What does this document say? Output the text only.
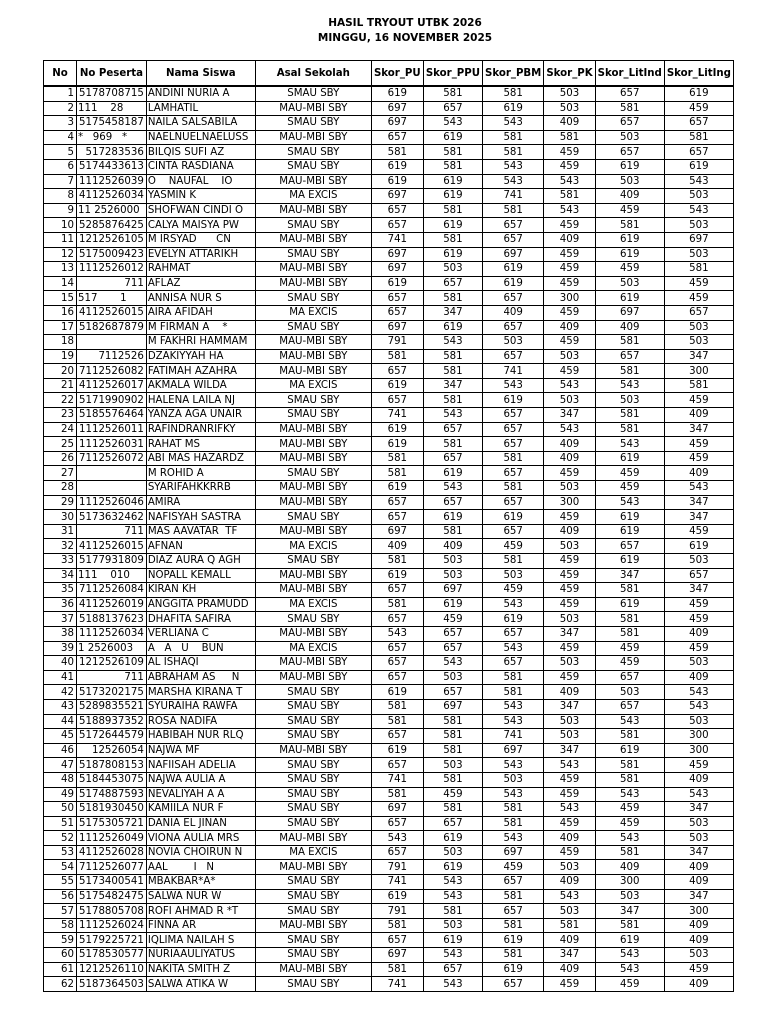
HASIL TRYOUT UTBK 2026
MINGGU, 16 NOVEMBER 2025
No	No Peserta	Nama Siswa	Asal Sekolah	Skor_PU	Skor_PPU	Skor_PBM	Skor_PK	Skor_LitInd	Skor_LitIng
1	5178708715	ANDINI NURIA A	SMAU SBY	619	581	581	503	657	619
2	111    28	LAMHATIL	MAU-MBI SBY	697	657	619	503	581	459
3	5175458187	NAILA SALSABILA	SMAU SBY	697	543	543	409	657	657
4	*   969   *	NAELNUELNAELUSS	MAU-MBI SBY	657	619	581	581	503	581
5	517283536	BILQIS SUFI AZ	SMAU SBY	581	581	581	459	657	657
6	5174433613	CINTA RASDIANA	SMAU SBY	619	581	543	459	619	619
7	1112526039	O    NAUFAL    IO	MAU-MBI SBY	619	619	543	543	503	543
8	4112526034	YASMIN K	MA EXCIS	697	619	741	581	409	503
9	11 2526000	SHOFWAN CINDI O	MAU-MBI SBY	657	581	581	543	459	543
10	5285876425	CALYA MAISYA PW	SMAU SBY	657	619	657	459	581	503
11	1212526105	M IRSYAD      CN	MAU-MBI SBY	741	581	657	409	619	697
12	5175009423	EVELYN ATTARIKH	SMAU SBY	697	619	697	459	619	503
13	1112526012	RAHMAT	MAU-MBI SBY	697	503	619	459	459	581
14	711	AFLAZ	MAU-MBI SBY	619	657	619	459	503	459
15	517       1	ANNISA NUR S	SMAU SBY	657	581	657	300	619	459
16	4112526015	AIRA AFIDAH	MA EXCIS	657	347	409	459	697	657
17	5182687879	M FIRMAN A    *	SMAU SBY	697	619	657	409	409	503
18		M FAKHRI HAMMAM	MAU-MBI SBY	791	543	503	459	581	503
19	7112526	DZAKIYYAH HA	MAU-MBI SBY	581	581	657	503	657	347
20	7112526082	FATIMAH AZAHRA	MAU-MBI SBY	657	581	741	459	581	300
21	4112526017	AKMALA WILDA	MA EXCIS	619	347	543	543	543	581
22	5171990902	HALENA LAILA NJ	SMAU SBY	657	581	619	503	503	459
23	5185576464	YANZA AGA UNAIR	SMAU SBY	741	543	657	347	581	409
24	1112526011	RAFINDRANRIFKY	MAU-MBI SBY	619	657	657	543	581	347
25	1112526031	RAHAT MS	MAU-MBI SBY	619	581	657	409	543	459
26	7112526072	ABI MAS HAZARDZ	MAU-MBI SBY	581	657	581	409	619	459
27		M ROHID A	SMAU SBY	581	619	657	459	459	409
28		SYARIFAHKKRRB	MAU-MBI SBY	619	543	581	503	459	543
29	1112526046	AMIRA	MAU-MBI SBY	657	657	657	300	543	347
30	5173632462	NAFISYAH SASTRA	SMAU SBY	657	619	619	459	619	347
31	711	MAS AAVATAR  TF	MAU-MBI SBY	697	581	657	409	619	459
32	4112526015	AFNAN	MA EXCIS	409	409	459	503	657	619
33	5177931809	DIAZ AURA Q AGH	SMAU SBY	581	503	581	459	619	503
34	111    010	NOPALL KEMALL	MAU-MBI SBY	619	503	503	459	347	657
35	7112526084	KIRAN KH	MAU-MBI SBY	657	697	459	459	581	347
36	4112526019	ANGGITA PRAMUDD	MA EXCIS	581	619	543	459	619	459
37	5188137623	DHAFITA SAFIRA	SMAU SBY	657	459	619	503	581	459
38	1112526034	VERLIANA C	MAU-MBI SBY	543	657	657	347	581	409
39	1 2526003	A   A   U    BUN	MA EXCIS	657	657	543	459	459	459
40	1212526109	AL ISHAQI	MAU-MBI SBY	657	543	657	503	459	503
41	711	ABRAHAM AS     N	MAU-MBI SBY	657	503	581	459	657	409
42	5173202175	MARSHA KIRANA T	SMAU SBY	619	657	581	409	503	543
43	5289835521	SYURAIHA RAWFA	SMAU SBY	581	697	543	347	657	543
44	5188937352	ROSA NADIFA	SMAU SBY	581	581	543	503	543	503
45	5172644579	HABIBAH NUR RLQ	SMAU SBY	657	581	741	503	581	300
46	12526054	NAJWA MF	MAU-MBI SBY	619	581	697	347	619	300
47	5187808153	NAFIISAH ADELIA	SMAU SBY	657	503	543	543	581	459
48	5184453075	NAJWA AULIA A	SMAU SBY	741	581	503	459	581	409
49	5174887593	NEVALIYAH A A	SMAU SBY	581	459	543	459	543	543
50	5181930450	KAMIILA NUR F	SMAU SBY	697	581	581	543	459	347
51	5175305721	DANIA EL JINAN	SMAU SBY	657	657	581	459	459	503
52	1112526049	VIONA AULIA MRS	MAU-MBI SBY	543	619	543	409	543	503
53	4112526028	NOVIA CHOIRUN N	MA EXCIS	657	503	697	459	581	347
54	7112526077	AAL        I   N	MAU-MBI SBY	791	619	459	503	409	409
55	5173400541	MBAKBAR*A*	SMAU SBY	741	543	657	409	300	409
56	5175482475	SALWA NUR W	SMAU SBY	619	543	581	543	503	347
57	5178805708	ROFI AHMAD R *T	SMAU SBY	791	581	657	503	347	300
58	1112526024	FINNA AR	MAU-MBI SBY	581	503	581	581	581	409
59	5179225721	IQLIMA NAILAH S	SMAU SBY	657	619	619	409	619	409
60	5178530577	NURIAAULIYATUS	SMAU SBY	697	543	581	347	543	503
61	1212526110	NAKITA SMITH Z	MAU-MBI SBY	581	657	619	409	543	459
62	5187364503	SALWA ATIKA W	SMAU SBY	741	543	657	459	459	409
